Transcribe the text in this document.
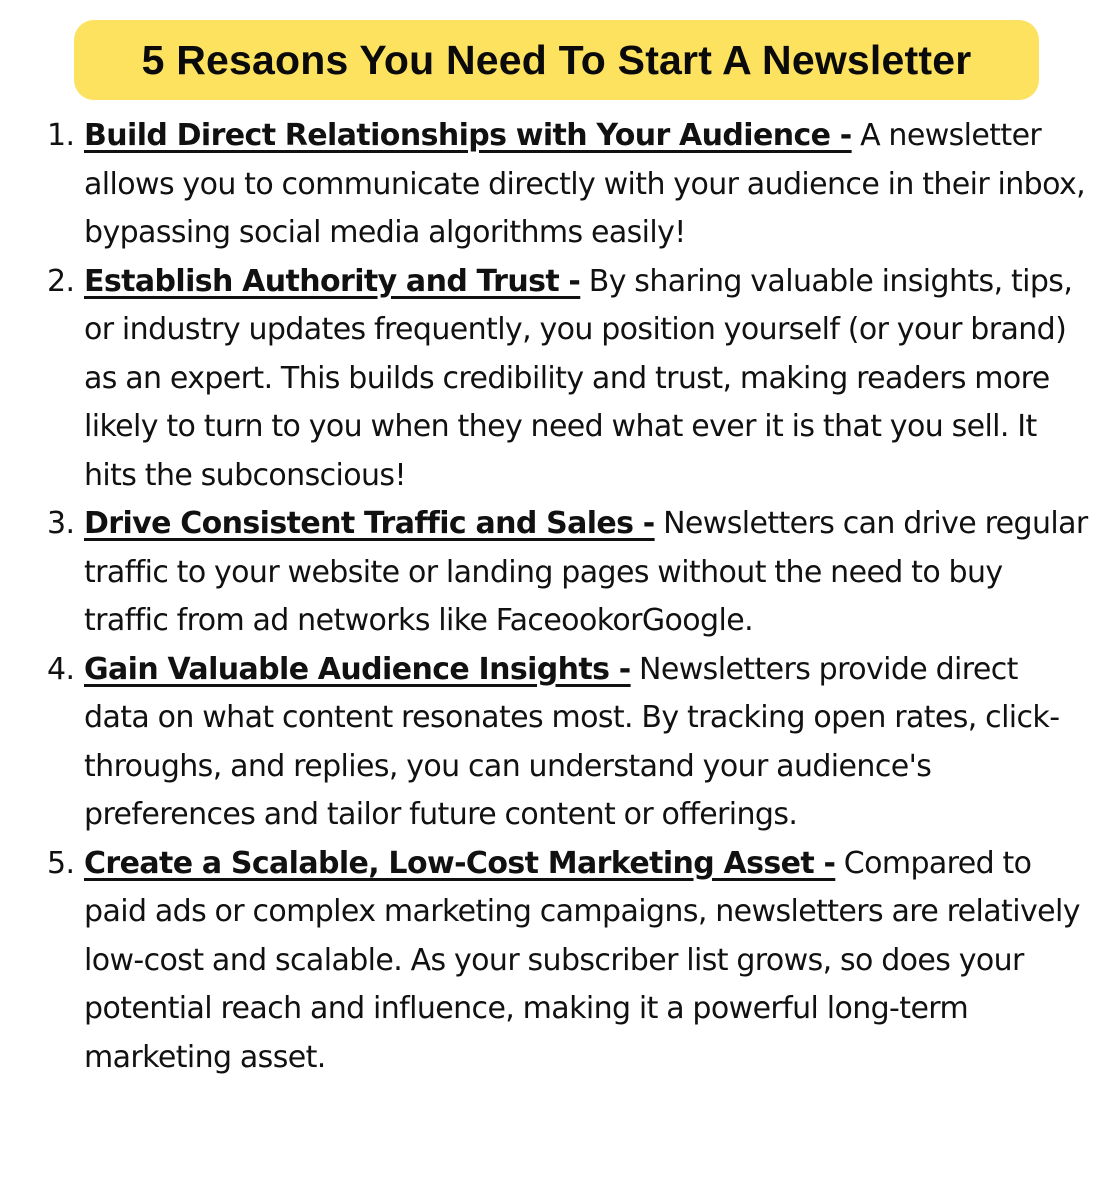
5 Resaons You Need To Start A Newsletter
1. Build Direct Relationships with Your Audience - A newsletter allows you to communicate directly with your audience in their inbox, bypassing social media algorithms easily!
2. Establish Authority and Trust - By sharing valuable insights, tips, or industry updates frequently, you position yourself (or your brand) as an expert. This builds credibility and trust, making readers more likely to turn to you when they need what ever it is that you sell. It hits the subconscious!
3. Drive Consistent Traffic and Sales - Newsletters can drive regular traffic to your website or landing pages without the need to buy traffic from ad networks like FaceookorGoogle.
4. Gain Valuable Audience Insights - Newsletters provide direct data on what content resonates most. By tracking open rates, click-throughs, and replies, you can understand your audience's preferences and tailor future content or offerings.
5. Create a Scalable, Low-Cost Marketing Asset - Compared to paid ads or complex marketing campaigns, newsletters are relatively low-cost and scalable. As your subscriber list grows, so does your potential reach and influence, making it a powerful long-term marketing asset.
